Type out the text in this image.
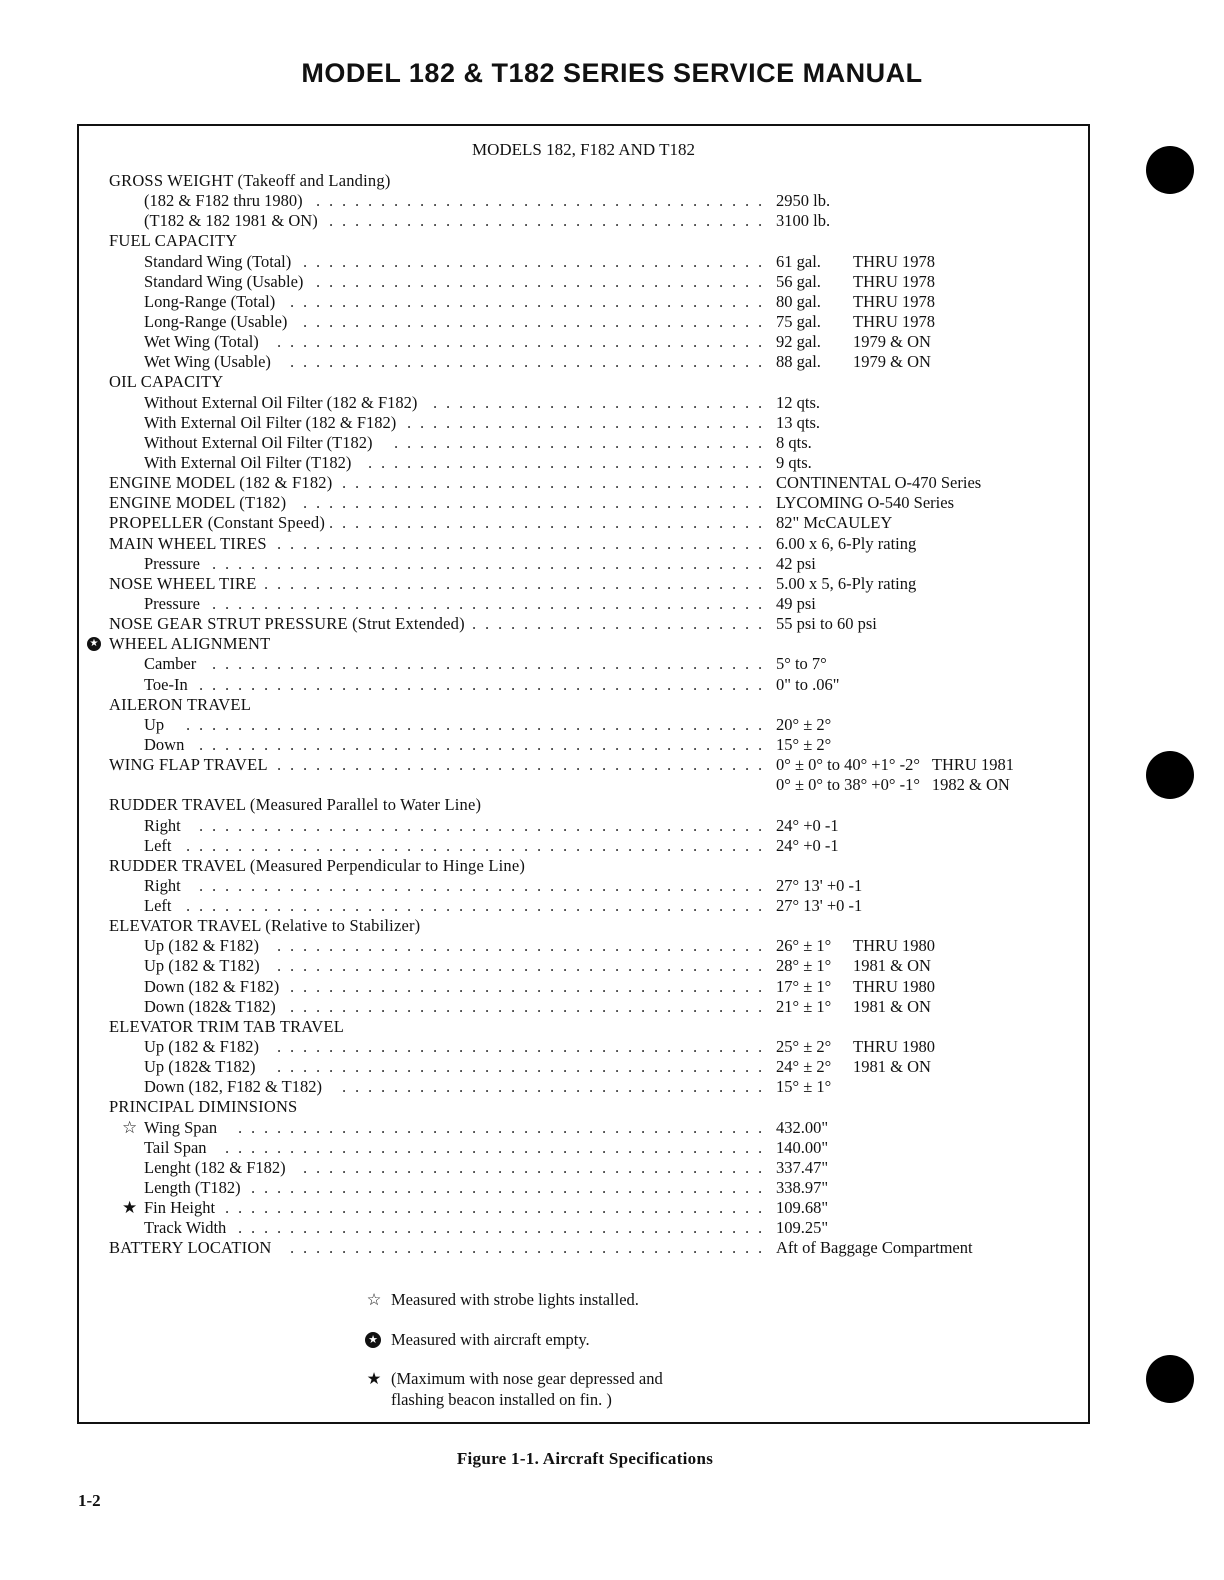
MODEL 182 & T182 SERIES SERVICE MANUAL
MODELS 182, F182 AND T182
GROSS WEIGHT (Takeoff and Landing)
(182 & F182 thru 1980) . . . . . . . . . . . . . . . . . . . . . . . . . . . . . . . . . . . 2950 lb.
(T182 & 182 1981 & ON) . . . . . . . . . . . . . . . . . . . . . . . . . . . . . . . . . . 3100 lb.
FUEL CAPACITY
Standard Wing (Total) . . . . . . . . . . . . . . . . . . . . . . . . . . . . . . . . . . . . 61 gal. THRU 1978
Standard Wing (Usable) . . . . . . . . . . . . . . . . . . . . . . . . . . . . . . . . . . . 56 gal. THRU 1978
Long-Range (Total) . . . . . . . . . . . . . . . . . . . . . . . . . . . . . . . . . . . . . 80 gal. THRU 1978
Long-Range (Usable) . . . . . . . . . . . . . . . . . . . . . . . . . . . . . . . . . . . . 75 gal. THRU 1978
Wet Wing (Total) . . . . . . . . . . . . . . . . . . . . . . . . . . . . . . . . . . . . . . 92 gal. 1979 & ON
Wet Wing (Usable) . . . . . . . . . . . . . . . . . . . . . . . . . . . . . . . . . . . . . 88 gal. 1979 & ON
OIL CAPACITY
Without External Oil Filter (182 & F182) . . . . . . . . . . . . . . . . . . . . . . . . . . 12 qts.
With External Oil Filter (182 & F182) . . . . . . . . . . . . . . . . . . . . . . . . . . . . 13 qts.
Without External Oil Filter (T182) . . . . . . . . . . . . . . . . . . . . . . . . . . . . . 8 qts.
With External Oil Filter (T182) . . . . . . . . . . . . . . . . . . . . . . . . . . . . . . . 9 qts.
ENGINE MODEL (182 & F182) . . . . . . . . . . . . . . . . . . . . . . . . . . . . . . . . . CONTINENTAL O-470 Series
ENGINE MODEL (T182) . . . . . . . . . . . . . . . . . . . . . . . . . . . . . . . . . . . . LYCOMING O-540 Series
PROPELLER (Constant Speed) . . . . . . . . . . . . . . . . . . . . . . . . . . . . . . . . . . 82" McCAULEY
MAIN WHEEL TIRES . . . . . . . . . . . . . . . . . . . . . . . . . . . . . . . . . . . . . . 6.00 x 6, 6-Ply rating
Pressure . . . . . . . . . . . . . . . . . . . . . . . . . . . . . . . . . . . . . . . . . . . 42 psi
NOSE WHEEL TIRE . . . . . . . . . . . . . . . . . . . . . . . . . . . . . . . . . . . . . . . 5.00 x 5, 6-Ply rating
Pressure . . . . . . . . . . . . . . . . . . . . . . . . . . . . . . . . . . . . . . . . . . . 49 psi
NOSE GEAR STRUT PRESSURE (Strut Extended) . . . . . . . . . . . . . . . . . . . . . . . 55 psi to 60 psi
★
WHEEL ALIGNMENT
Camber . . . . . . . . . . . . . . . . . . . . . . . . . . . . . . . . . . . . . . . . . . . 5° to 7°
Toe-In . . . . . . . . . . . . . . . . . . . . . . . . . . . . . . . . . . . . . . . . . . . . 0" to .06"
AILERON TRAVEL
Up . . . . . . . . . . . . . . . . . . . . . . . . . . . . . . . . . . . . . . . . . . . . . 20° ± 2°
Down . . . . . . . . . . . . . . . . . . . . . . . . . . . . . . . . . . . . . . . . . . . . 15° ± 2°
WING FLAP TRAVEL . . . . . . . . . . . . . . . . . . . . . . . . . . . . . . . . . . . . . . 0° ± 0° to 40° +1° -2° THRU 1981
0° ± 0° to 38° +0° -1° 1982 & ON
RUDDER TRAVEL (Measured Parallel to Water Line)
Right . . . . . . . . . . . . . . . . . . . . . . . . . . . . . . . . . . . . . . . . . . . . 24° +0 -1
Left . . . . . . . . . . . . . . . . . . . . . . . . . . . . . . . . . . . . . . . . . . . . . 24° +0 -1
RUDDER TRAVEL (Measured Perpendicular to Hinge Line)
Right . . . . . . . . . . . . . . . . . . . . . . . . . . . . . . . . . . . . . . . . . . . . 27° 13' +0 -1
Left . . . . . . . . . . . . . . . . . . . . . . . . . . . . . . . . . . . . . . . . . . . . . 27° 13' +0 -1
ELEVATOR TRAVEL (Relative to Stabilizer)
Up (182 & F182) . . . . . . . . . . . . . . . . . . . . . . . . . . . . . . . . . . . . . . 26° ± 1° THRU 1980
Up (182 & T182) . . . . . . . . . . . . . . . . . . . . . . . . . . . . . . . . . . . . . . 28° ± 1° 1981 & ON
Down (182 & F182) . . . . . . . . . . . . . . . . . . . . . . . . . . . . . . . . . . . . . 17° ± 1° THRU 1980
Down (182& T182) . . . . . . . . . . . . . . . . . . . . . . . . . . . . . . . . . . . . . 21° ± 1° 1981 & ON
ELEVATOR TRIM TAB TRAVEL
Up (182 & F182) . . . . . . . . . . . . . . . . . . . . . . . . . . . . . . . . . . . . . . 25° ± 2° THRU 1980
Up (182& T182) . . . . . . . . . . . . . . . . . . . . . . . . . . . . . . . . . . . . . . 24° ± 2° 1981 & ON
Down (182, F182 & T182) . . . . . . . . . . . . . . . . . . . . . . . . . . . . . . . . . 15° ± 1°
PRINCIPAL DIMINSIONS
☆ Wing Span . . . . . . . . . . . . . . . . . . . . . . . . . . . . . . . . . . . . . . . . . 432.00"
Tail Span . . . . . . . . . . . . . . . . . . . . . . . . . . . . . . . . . . . . . . . . . . 140.00"
Lenght (182 & F182) . . . . . . . . . . . . . . . . . . . . . . . . . . . . . . . . . . . . 337.47"
Length (T182) . . . . . . . . . . . . . . . . . . . . . . . . . . . . . . . . . . . . . . . . 338.97"
★ Fin Height . . . . . . . . . . . . . . . . . . . . . . . . . . . . . . . . . . . . . . . . . . 109.68"
Track Width . . . . . . . . . . . . . . . . . . . . . . . . . . . . . . . . . . . . . . . . . 109.25"
BATTERY LOCATION . . . . . . . . . . . . . . . . . . . . . . . . . . . . . . . . . . . . . Aft of Baggage Compartment
☆ Measured with strobe lights installed.
★
Measured with aircraft empty.
★ (Maximum with nose gear depressed and
flashing beacon installed on fin. )
Figure 1-1. Aircraft Specifications
1-2
